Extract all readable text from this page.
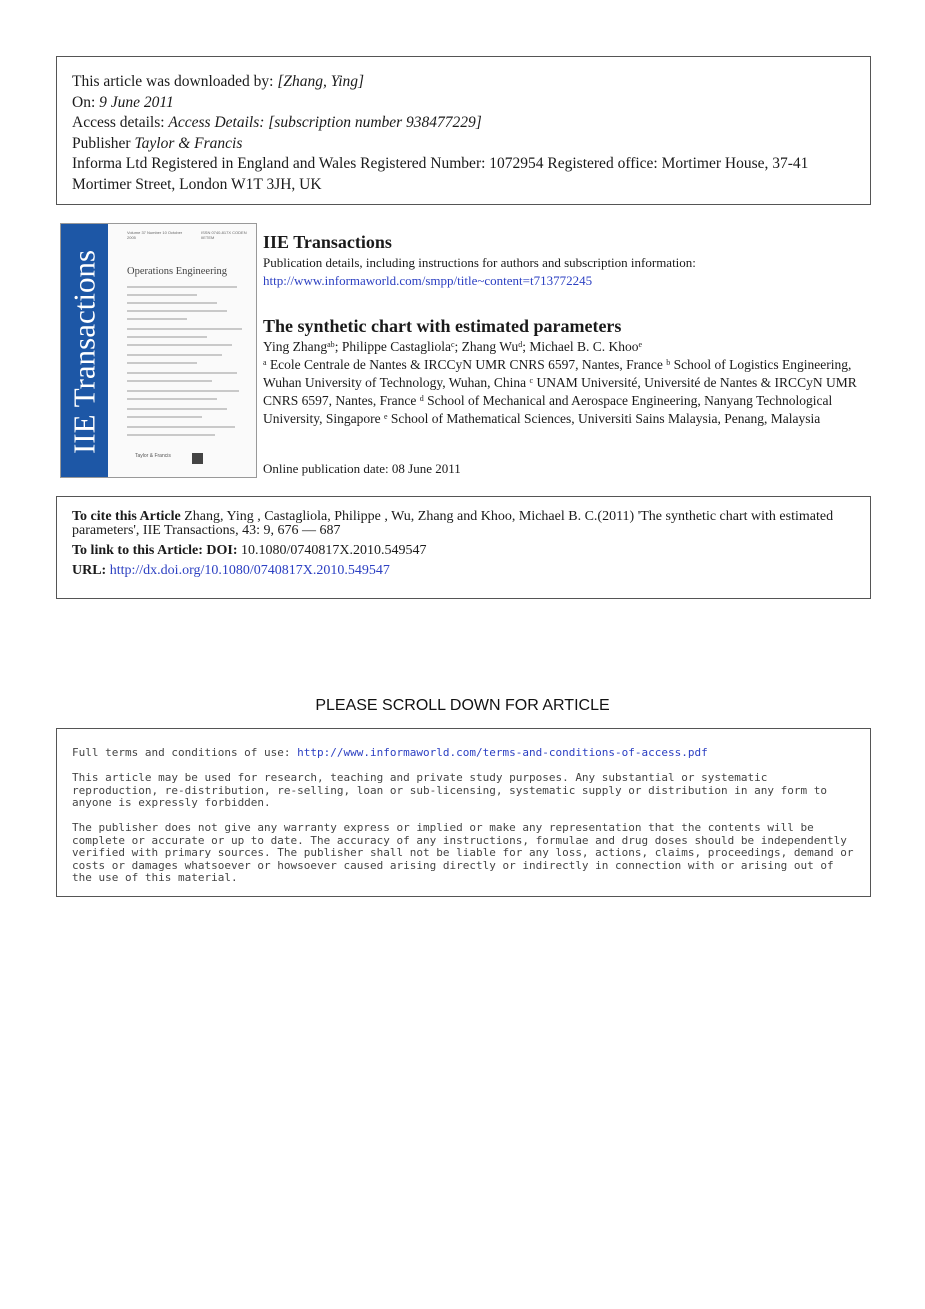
This article was downloaded by: [Zhang, Ying]
On: 9 June 2011
Access details: Access Details: [subscription number 938477229]
Publisher Taylor & Francis
Informa Ltd Registered in England and Wales Registered Number: 1072954 Registered office: Mortimer House, 37-41 Mortimer Street, London W1T 3JH, UK
IIE Transactions
Volume 37 Number 10 October 2005
ISSN 0740-817X CODEN IIETEM
Operations Engineering
Taylor & Francis
IIE Transactions
Publication details, including instructions for authors and subscription information:
http://www.informaworld.com/smpp/title~content=t713772245
The synthetic chart with estimated parameters
Ying Zhang$^{ab}$; Philippe Castagliola$^c$; Zhang Wu$^d$; Michael B. C. Khoo$^e$
$^a$ Ecole Centrale de Nantes & IRCCyN UMR CNRS 6597, Nantes, France $^b$ School of Logistics Engineering, Wuhan University of Technology, Wuhan, China $^c$ UNAM Université, Université de Nantes & IRCCyN UMR CNRS 6597, Nantes, France $^d$ School of Mechanical and Aerospace Engineering, Nanyang Technological University, Singapore $^e$ School of Mathematical Sciences, Universiti Sains Malaysia, Penang, Malaysia
Online publication date: 08 June 2011
To cite this Article Zhang, Ying , Castagliola, Philippe , Wu, Zhang and Khoo, Michael B. C.(2011) 'The synthetic chart with estimated parameters', IIE Transactions, 43: 9, 676 — 687
To link to this Article: DOI: 10.1080/0740817X.2010.549547
URL: http://dx.doi.org/10.1080/0740817X.2010.549547
PLEASE SCROLL DOWN FOR ARTICLE

Full terms and conditions of use: http://www.informaworld.com/terms-and-conditions-of-access.pdf

This article may be used for research, teaching and private study purposes. Any substantial or systematic reproduction, re-distribution, re-selling, loan or sub-licensing, systematic supply or distribution in any form to anyone is expressly forbidden.

The publisher does not give any warranty express or implied or make any representation that the contents will be complete or accurate or up to date. The accuracy of any instructions, formulae and drug doses should be independently verified with primary sources. The publisher shall not be liable for any loss, actions, claims, proceedings, demand or costs or damages whatsoever or howsoever caused arising directly or indirectly in connection with or arising out of the use of this material.
